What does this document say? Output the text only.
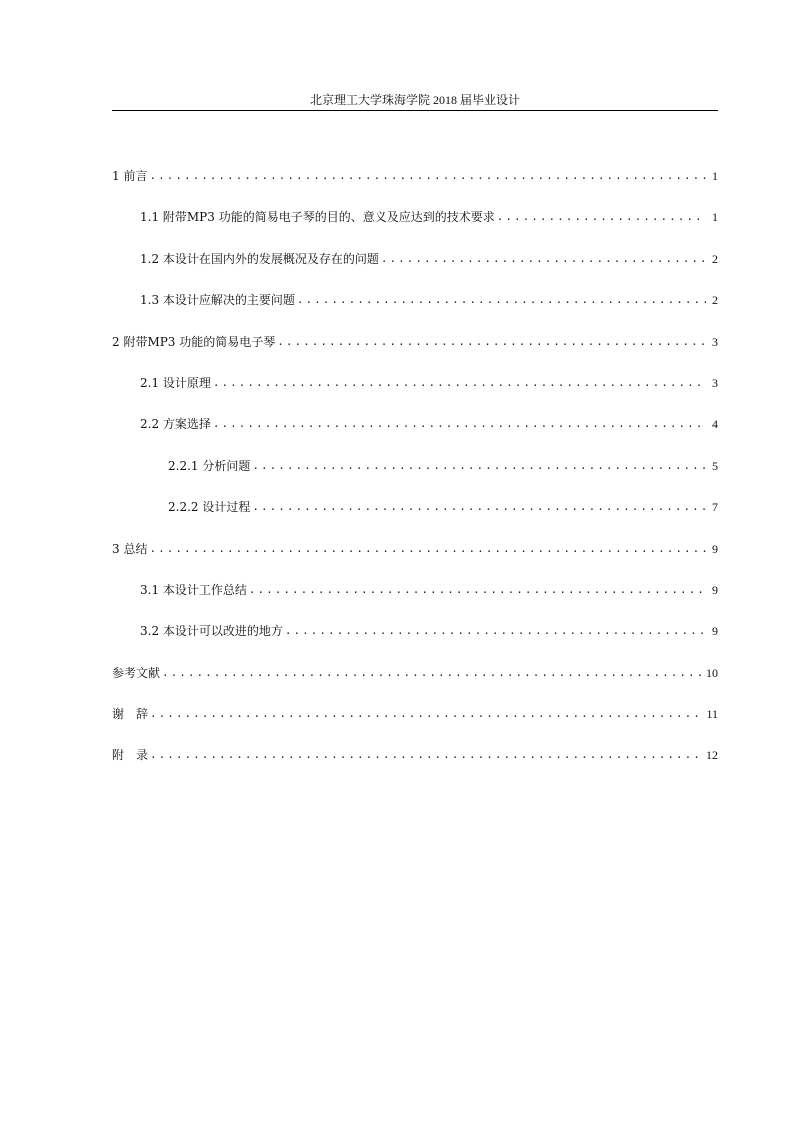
北京理工大学珠海学院 2018 届毕业设计
1 前言 .....	1
1.1 附带MP3 功能的简易电子琴的目的、意义及应达到的技术要求 .....	1
1.2 本设计在国内外的发展概况及存在的问题 .....	2
1.3 本设计应解决的主要问题 .....	2
2 附带MP3 功能的简易电子琴 .....	3
2.1 设计原理 .....	3
2.2 方案选择 .....	4
2.2.1 分析问题 .....	5
2.2.2 设计过程 .....	7
3 总结 .....	9
3.1 本设计工作总结 .....	9
3.2 本设计可以改进的地方 .....	9
参考文献 .....	10
谢　辞 .....	11
附　录 .....	12
